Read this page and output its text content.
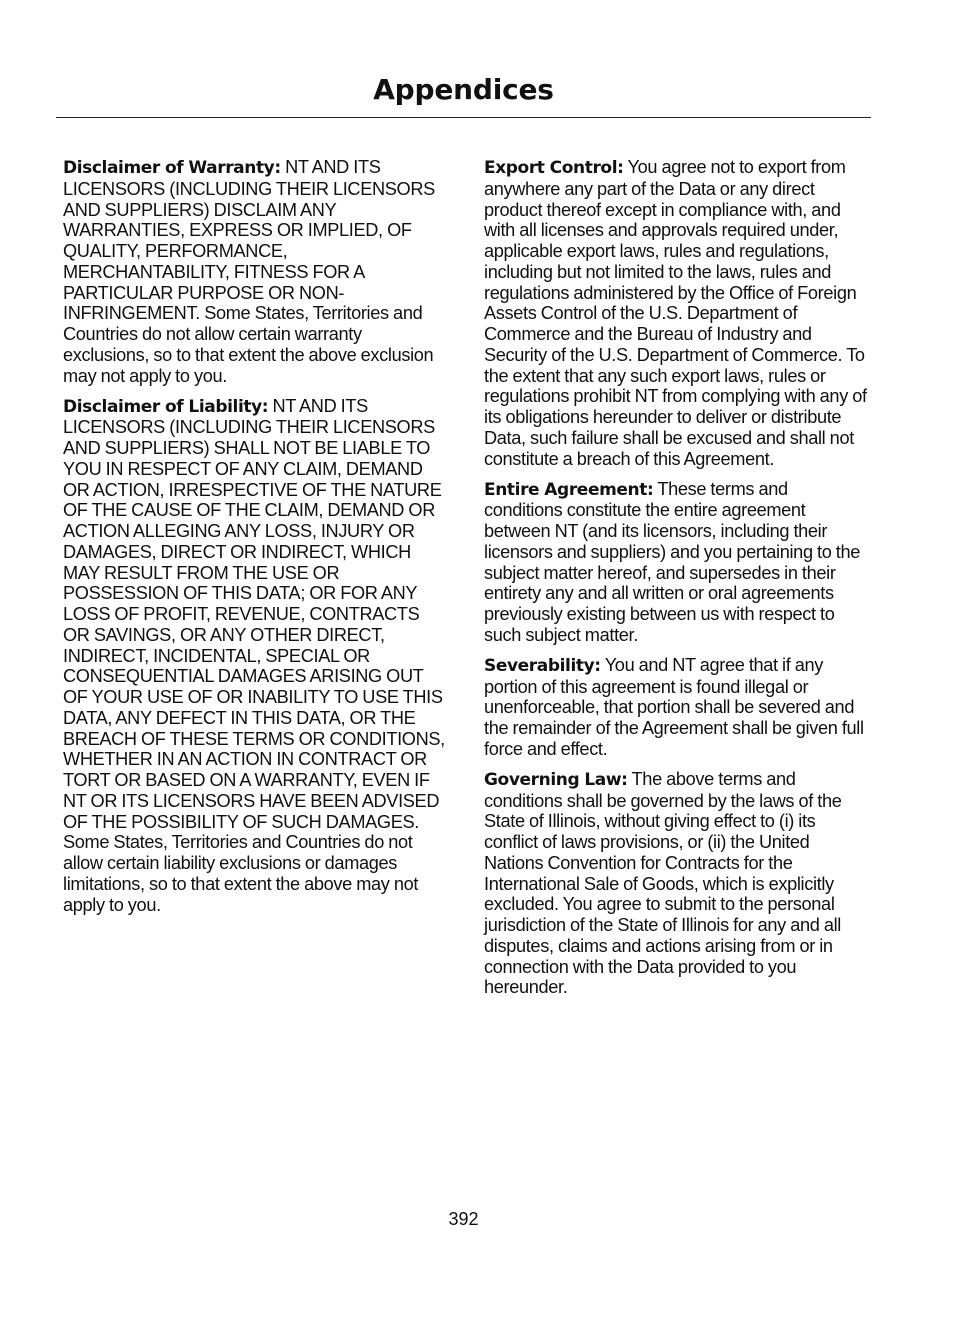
Appendices

Disclaimer of Warranty: NT AND ITS LICENSORS (INCLUDING THEIR LICENSORS AND SUPPLIERS) DISCLAIM ANY WARRANTIES, EXPRESS OR IMPLIED, OF QUALITY, PERFORMANCE, MERCHANTABILITY, FITNESS FOR A PARTICULAR PURPOSE OR NON-INFRINGEMENT. Some States, Territories and Countries do not allow certain warranty exclusions, so to that extent the above exclusion may not apply to you.

Disclaimer of Liability: NT AND ITS LICENSORS (INCLUDING THEIR LICENSORS AND SUPPLIERS) SHALL NOT BE LIABLE TO YOU IN RESPECT OF ANY CLAIM, DEMAND OR ACTION, IRRESPECTIVE OF THE NATURE OF THE CAUSE OF THE CLAIM, DEMAND OR ACTION ALLEGING ANY LOSS, INJURY OR DAMAGES, DIRECT OR INDIRECT, WHICH MAY RESULT FROM THE USE OR POSSESSION OF THIS DATA; OR FOR ANY LOSS OF PROFIT, REVENUE, CONTRACTS OR SAVINGS, OR ANY OTHER DIRECT, INDIRECT, INCIDENTAL, SPECIAL OR CONSEQUENTIAL DAMAGES ARISING OUT OF YOUR USE OF OR INABILITY TO USE THIS DATA, ANY DEFECT IN THIS DATA, OR THE BREACH OF THESE TERMS OR CONDITIONS, WHETHER IN AN ACTION IN CONTRACT OR TORT OR BASED ON A WARRANTY, EVEN IF NT OR ITS LICENSORS HAVE BEEN ADVISED OF THE POSSIBILITY OF SUCH DAMAGES. Some States, Territories and Countries do not allow certain liability exclusions or damages limitations, so to that extent the above may not apply to you.

Export Control: You agree not to export from anywhere any part of the Data or any direct product thereof except in compliance with, and with all licenses and approvals required under, applicable export laws, rules and regulations, including but not limited to the laws, rules and regulations administered by the Office of Foreign Assets Control of the U.S. Department of Commerce and the Bureau of Industry and Security of the U.S. Department of Commerce. To the extent that any such export laws, rules or regulations prohibit NT from complying with any of its obligations hereunder to deliver or distribute Data, such failure shall be excused and shall not constitute a breach of this Agreement.

Entire Agreement: These terms and conditions constitute the entire agreement between NT (and its licensors, including their licensors and suppliers) and you pertaining to the subject matter hereof, and supersedes in their entirety any and all written or oral agreements previously existing between us with respect to such subject matter.

Severability: You and NT agree that if any portion of this agreement is found illegal or unenforceable, that portion shall be severed and the remainder of the Agreement shall be given full force and effect.

Governing Law: The above terms and conditions shall be governed by the laws of the State of Illinois, without giving effect to (i) its conflict of laws provisions, or (ii) the United Nations Convention for Contracts for the International Sale of Goods, which is explicitly excluded. You agree to submit to the personal jurisdiction of the State of Illinois for any and all disputes, claims and actions arising from or in connection with the Data provided to you hereunder.

392
